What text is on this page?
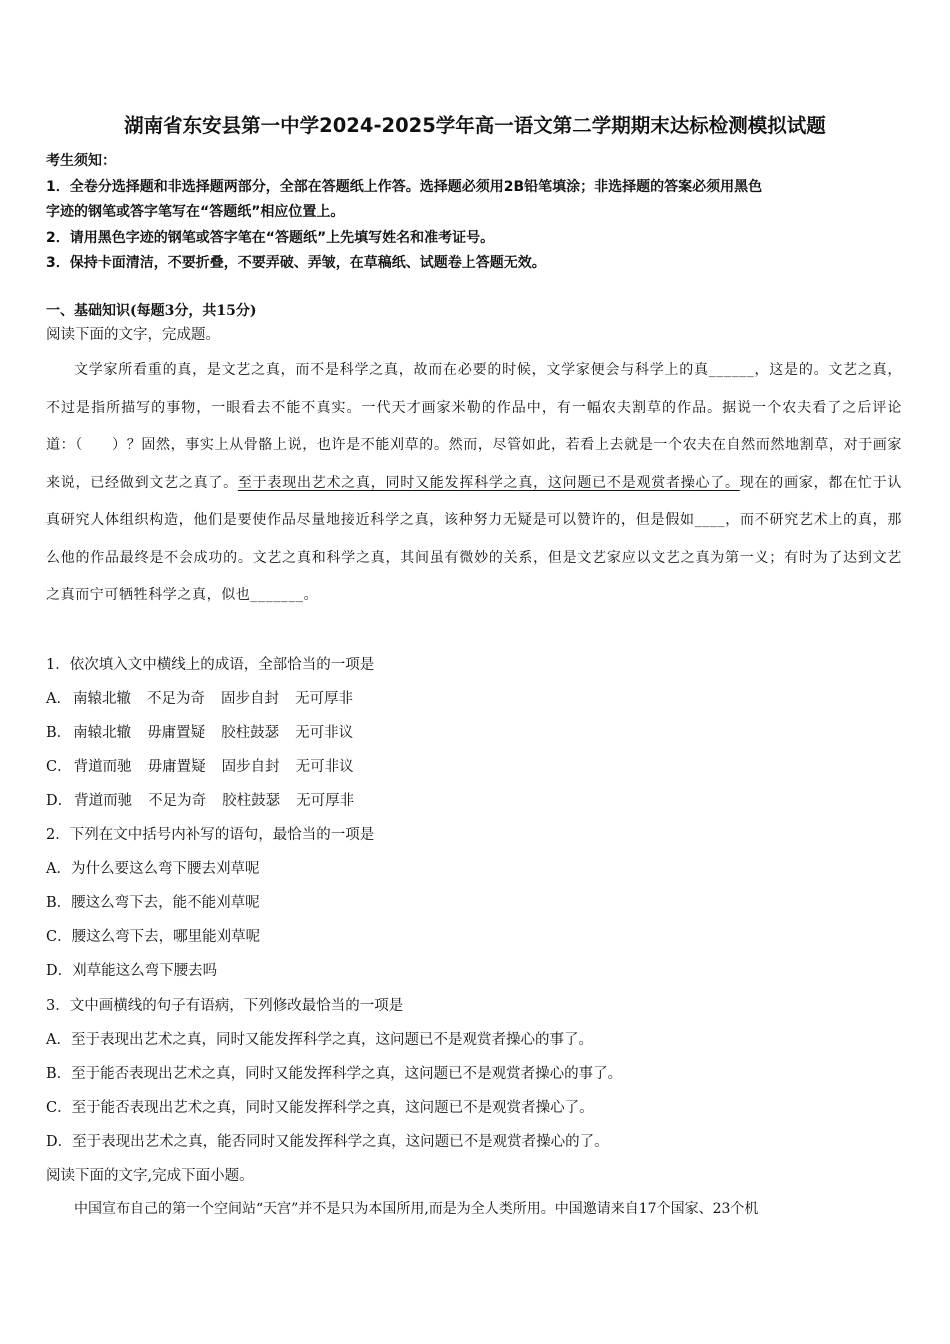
湖南省东安县第一中学2024-2025学年高一语文第二学期期末达标检测模拟试题
考生须知：
1．全卷分选择题和非选择题两部分，全部在答题纸上作答。选择题必须用2B铅笔填涂；非选择题的答案必须用黑色
字迹的钢笔或答字笔写在“答题纸”相应位置上。
2．请用黑色字迹的钢笔或答字笔在“答题纸”上先填写姓名和准考证号。
3．保持卡面清洁，不要折叠，不要弄破、弄皱，在草稿纸、试题卷上答题无效。
一、基础知识(每题3分，共15分)
阅读下面的文字，完成题。
文学家所看重的真，是文艺之真，而不是科学之真，故而在必要的时候，文学家便会与科学上的真______，这是的。文艺之真，不过是指所描写的事物，一眼看去不能不真实。一代天才画家米勒的作品中，有一幅农夫割草的作品。据说一个农夫看了之后评论道：（　　）？固然，事实上从骨骼上说，也许是不能刈草的。然而，尽管如此，若看上去就是一个农夫在自然而然地割草，对于画家来说，已经做到文艺之真了。至于表现出艺术之真，同时又能发挥科学之真，这问题已不是观赏者操心了。现在的画家，都在忙于认真研究人体组织构造，他们是要使作品尽量地接近科学之真，该种努力无疑是可以赞许的，但是假如____，而不研究艺术上的真，那么他的作品最终是不会成功的。文艺之真和科学之真，其间虽有微妙的关系，但是文艺家应以文艺之真为第一义；有时为了达到文艺之真而宁可牺牲科学之真，似也_______。
1．依次填入文中横线上的成语，全部恰当的一项是
A． 南辕北辙 不足为奇 固步自封 无可厚非
B． 南辕北辙 毋庸置疑 胶柱鼓瑟 无可非议
C． 背道而驰 毋庸置疑 固步自封 无可非议
D． 背道而驰 不足为奇 胶柱鼓瑟 无可厚非
2．下列在文中括号内补写的语句，最恰当的一项是
A．为什么要这么弯下腰去刈草呢
B．腰这么弯下去，能不能刈草呢
C．腰这么弯下去，哪里能刈草呢
D．刈草能这么弯下腰去吗
3．文中画横线的句子有语病，下列修改最恰当的一项是
A．至于表现出艺术之真，同时又能发挥科学之真，这问题已不是观赏者操心的事了。
B．至于能否表现出艺术之真，同时又能发挥科学之真，这问题已不是观赏者操心的事了。
C．至于能否表现出艺术之真，同时又能发挥科学之真，这问题已不是观赏者操心了。
D．至于表现出艺术之真，能否同时又能发挥科学之真，这问题已不是观赏者操心的了。
阅读下面的文字,完成下面小题。
中国宣布自己的第一个空间站“天宫”并不是只为本国所用,而是为全人类所用。中国邀请来自17个国家、23个机
